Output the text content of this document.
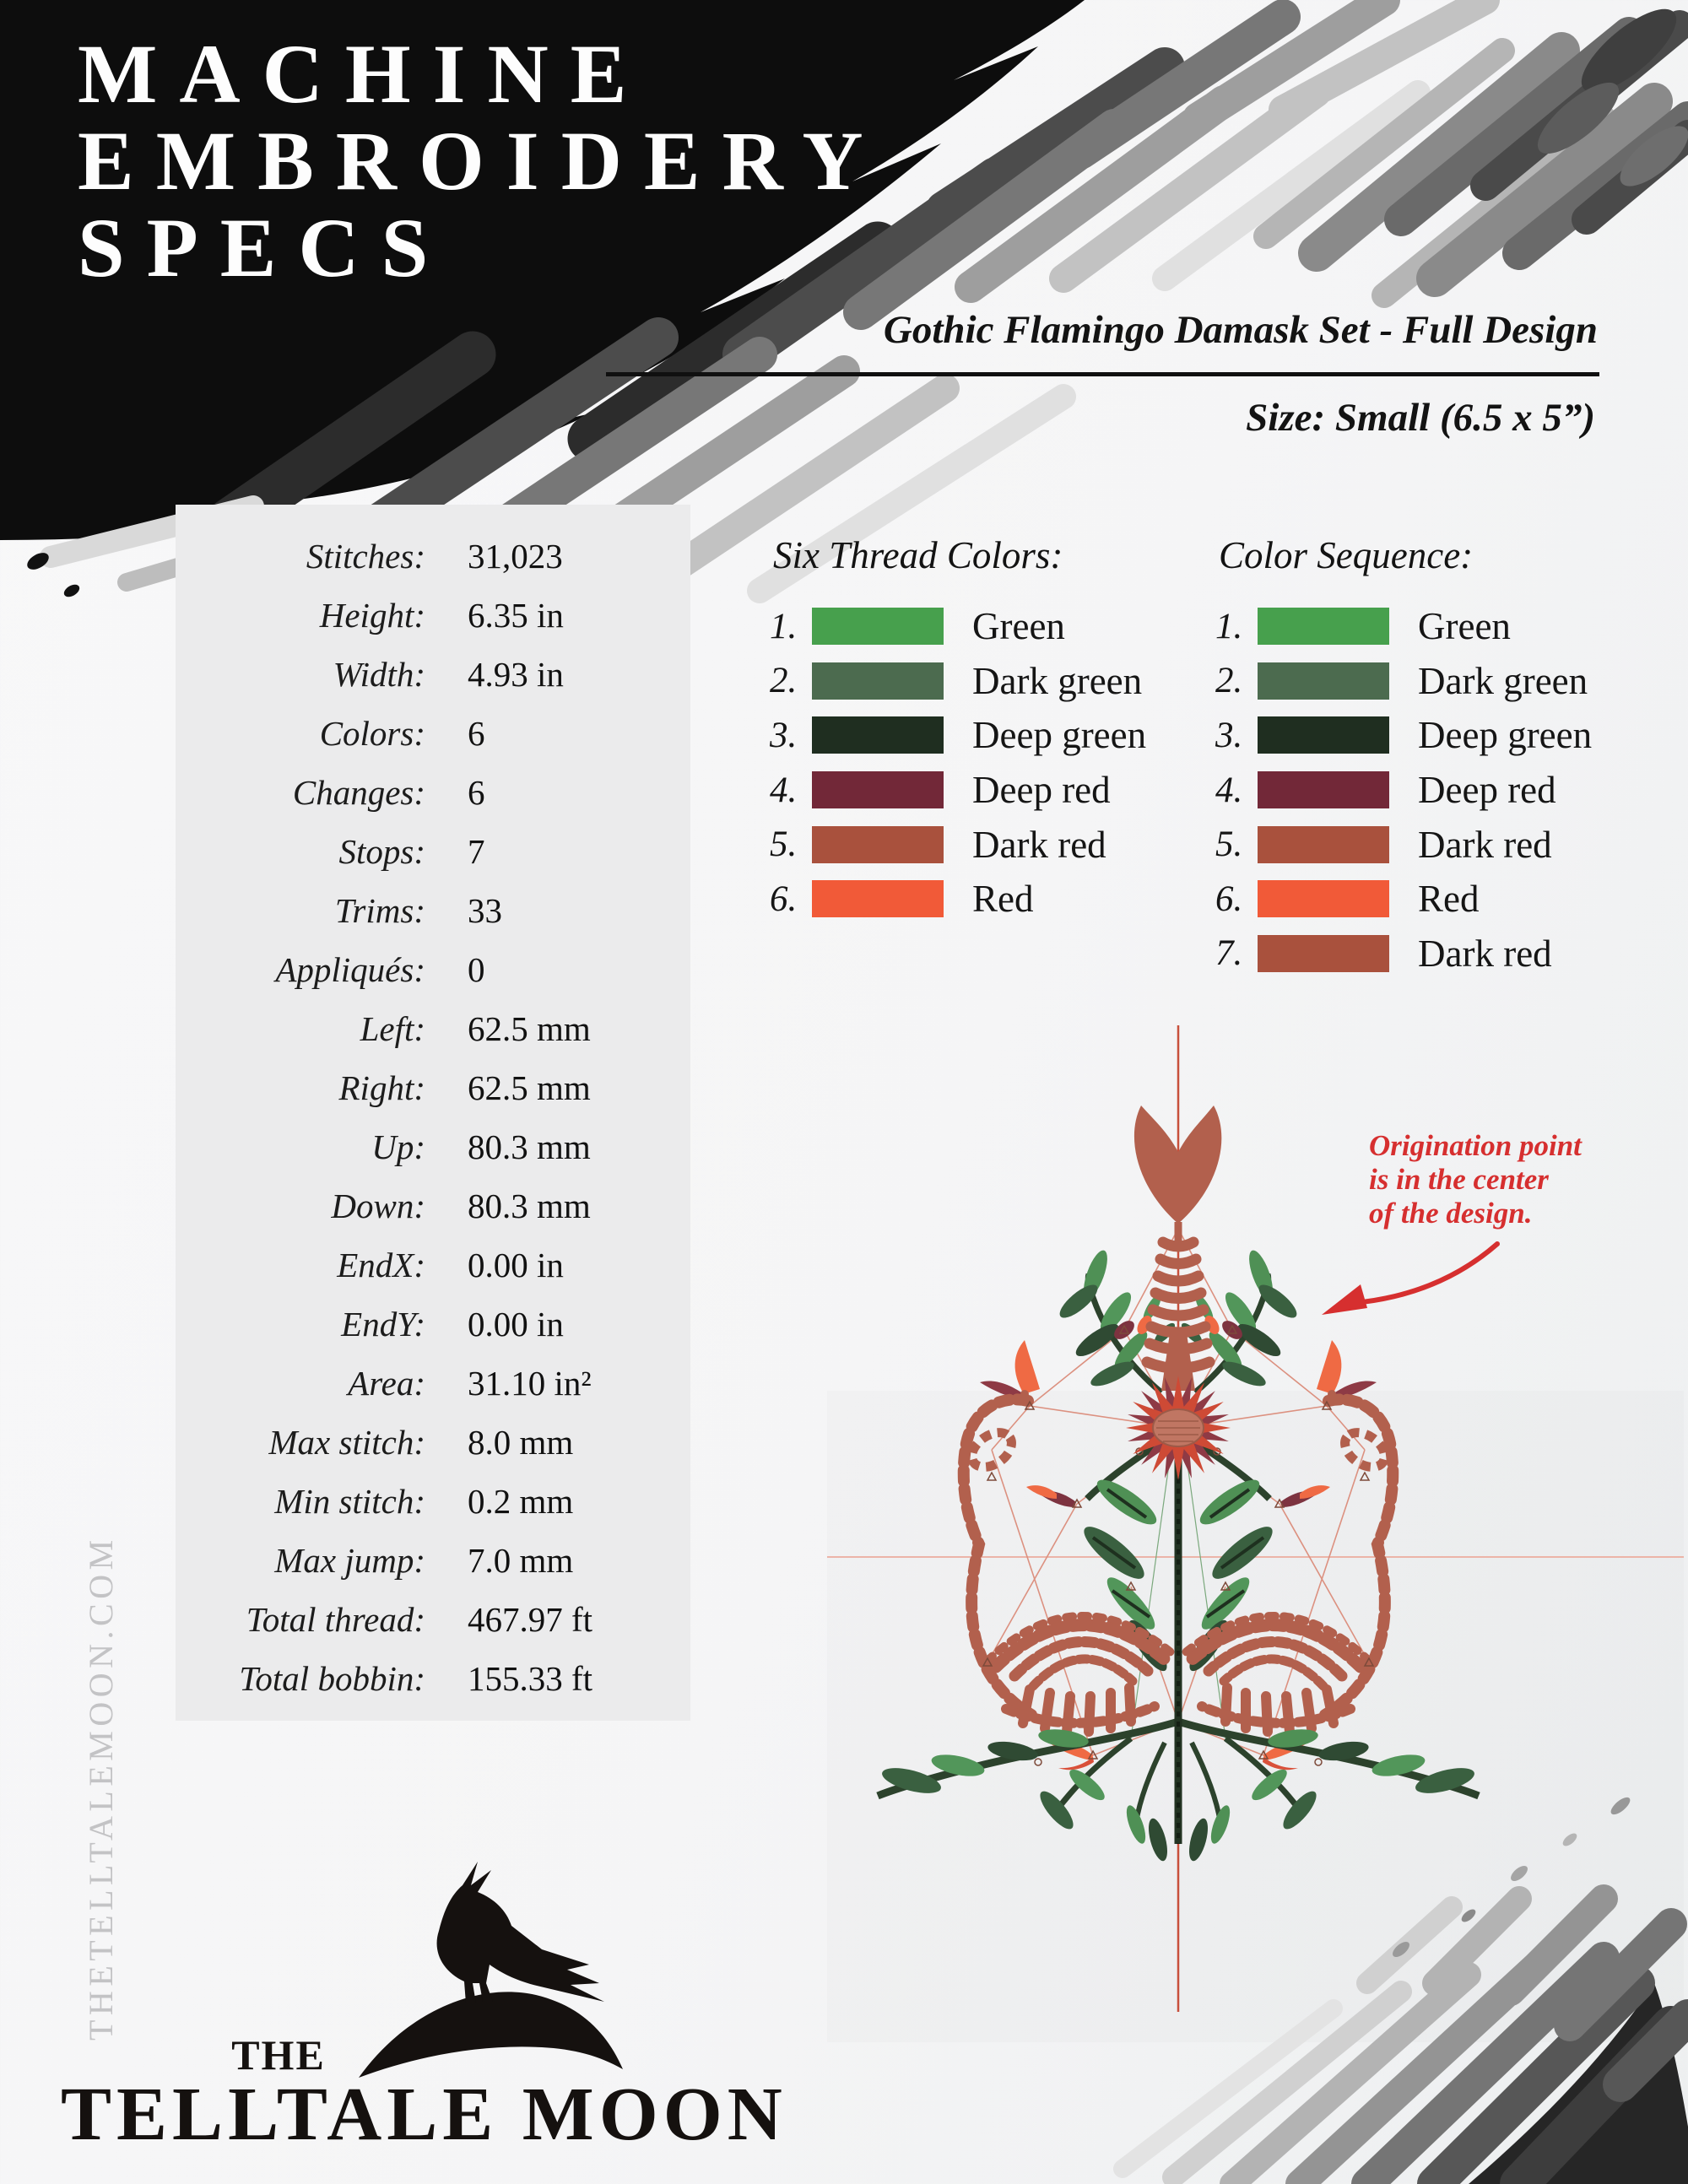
MACHINE
EMBROIDERY
SPECS
Gothic Flamingo Damask Set - Full Design
Size: Small (6.5 x 5”)
Stitches: 31,023
Height: 6.35 in
Width: 4.93 in
Colors: 6
Changes: 6
Stops: 7
Trims: 33
Appliqués: 0
Left: 62.5 mm
Right: 62.5 mm
Up: 80.3 mm
Down: 80.3 mm
EndX: 0.00 in
EndY: 0.00 in
Area: 31.10 in²
Max stitch: 8.0 mm
Min stitch: 0.2 mm
Max jump: 7.0 mm
Total thread: 467.97 ft
Total bobbin: 155.33 ft
Six Thread Colors:
1.	Green
2.	Dark green
3.	Deep green
4.	Deep red
5.	Dark red
6.	Red
Color Sequence:
1.	Green
2.	Dark green
3.	Deep green
4.	Deep red
5.	Dark red
6.	Red
7.	Dark red
Origination point
is in the center
of the design.
THETELLTALEMOON.COM
THE
TELLTALE MOON
